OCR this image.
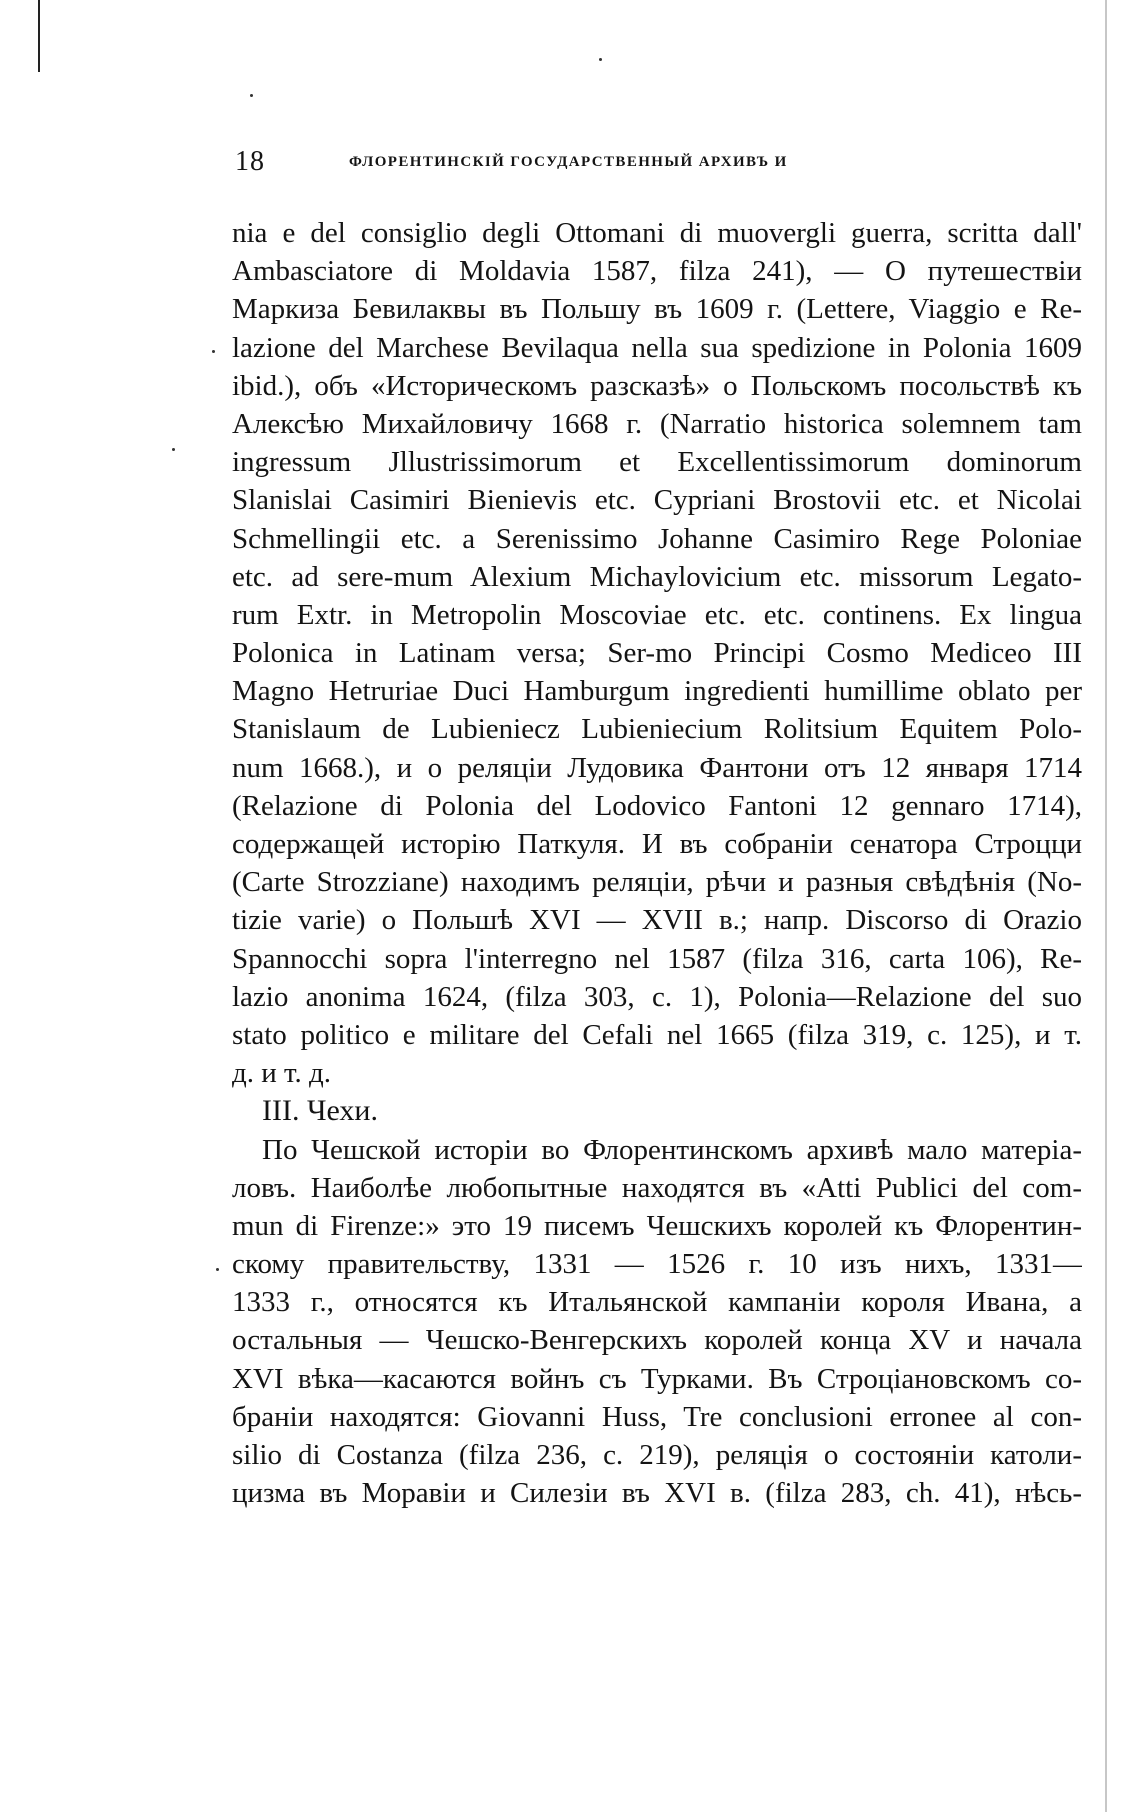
18	ФЛОРЕНТИНСКІЙ ГОСУДАРСТВЕННЫЙ АРХИВЪ И
nia e del consiglio degli Ottomani di muovergli guerra, scritta dall'
Ambasciatore di Moldavia 1587, filza 241), — О путешествіи
Маркиза Бевилаквы въ Польшу въ 1609 г. (Lettere, Viaggio e Re-
lazione del Marchese Bevilaqua nella sua spedizione in Polonia 1609
ibid.), объ «Историческомъ разсказѣ» о Польскомъ посольствѣ къ
Алексѣю Михайловичу 1668 г. (Narratio historica solemnem tam
ingressum Jllustrissimorum et Excellentissimorum dominorum
Slanislai Casimiri Bienievis etc. Cypriani Brostovii etc. et Nicolai
Schmellingii etc. a Serenissimo Johanne Casimiro Rege Poloniae
etc. ad sere-mum Alexium Michaylovicium etc. missorum Legato-
rum Extr. in Metropolin Moscoviae etc. etc. continens. Ex lingua
Polonica in Latinam versa; Ser-mo Principi Cosmo Mediceo III
Magno Hetruriae Duci Hamburgum ingredienti humillime oblato per
Stanislaum de Lubieniecz Lubieniecium Rolitsium Equitem Polo-
num 1668.), и о реляціи Лудовика Фантони отъ 12 января 1714
(Relazione di Polonia del Lodovico Fantoni 12 gennaro 1714),
содержащей исторію Паткуля. И въ собраніи сенатора Строцци
(Carte Strozziane) находимъ реляціи, рѣчи и разныя свѣдѣнія (No-
tizie varie) о Польшѣ XVI — XVII в.; напр. Discorso di Orazio
Spannocchi sopra l'interregno nel 1587 (filza 316, carta 106), Re-
lazio anonima 1624, (filza 303, c. 1), Polonia—Relazione del suo
stato politico e militare del Cefali nel 1665 (filza 319, c. 125), и т.
д. и т. д.
III. Чехи.
По Чешской исторіи во Флорентинскомъ архивѣ мало матеріа-
ловъ. Наиболѣе любопытные находятся въ «Atti Publici del com-
mun di Firenze:» это 19 писемъ Чешскихъ королей къ Флорентин-
скому правительству, 1331 — 1526 г. 10 изъ нихъ, 1331—
1333 г., относятся къ Итальянской кампаніи короля Ивана, а
остальныя — Чешско-Венгерскихъ королей конца XV и начала
XVI вѣка—касаются войнъ съ Турками. Въ Строціановскомъ со-
браніи находятся: Giovanni Huss, Tre conclusioni erronee al con-
silio di Costanza (filza 236, c. 219), реляція о состояніи католи-
цизма въ Моравіи и Силезіи въ XVI в. (filza 283, ch. 41), нѣсь-
